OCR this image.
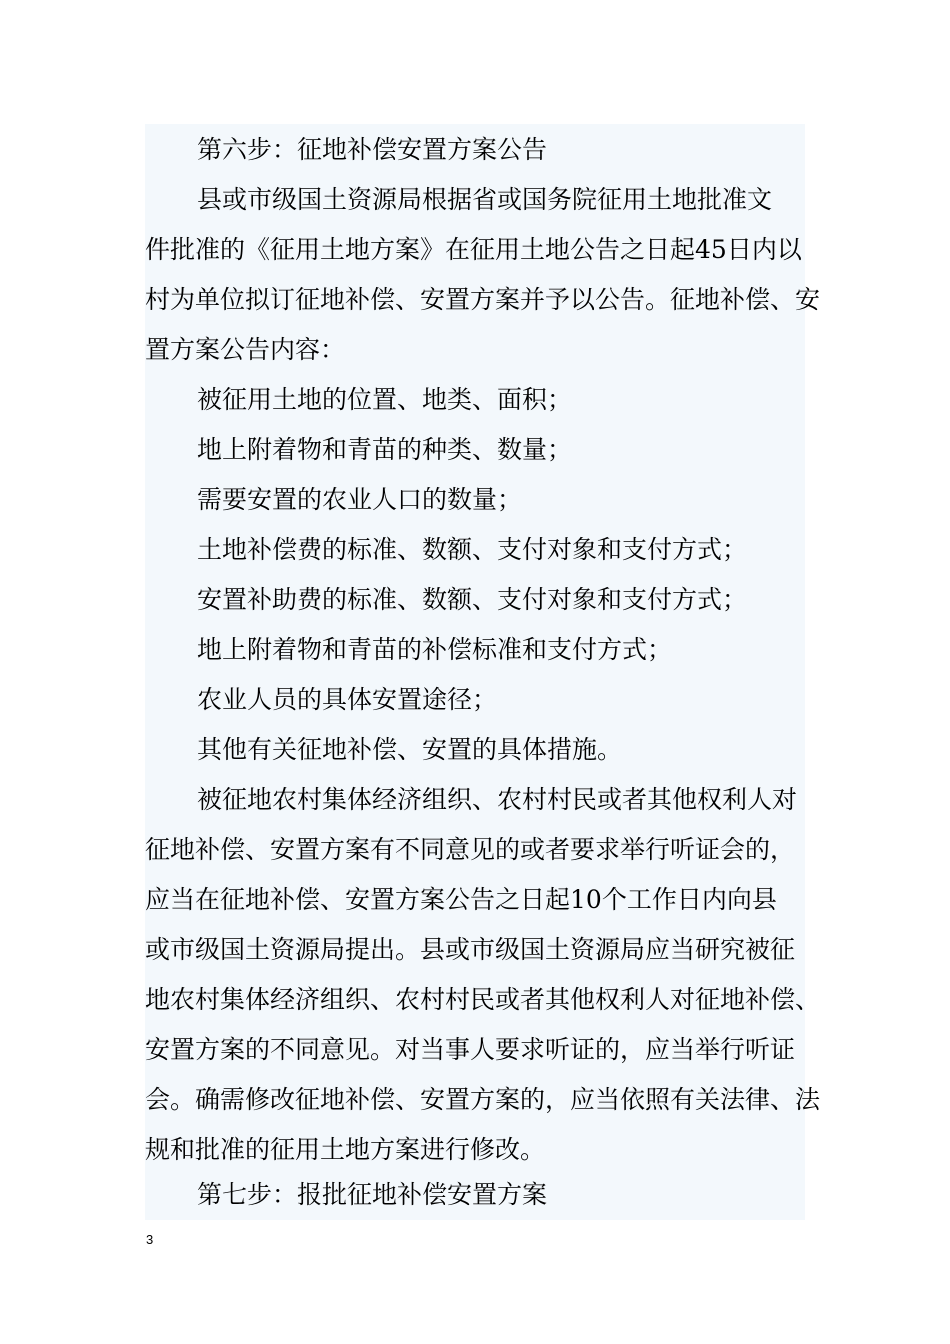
第六步：征地补偿安置方案公告
县或市级国土资源局根据省或国务院征用土地批准文
件批准的《征用土地方案》在征用土地公告之日起45日内以
村为单位拟订征地补偿、安置方案并予以公告。征地补偿、安
置方案公告内容：
被征用土地的位置、地类、面积；
地上附着物和青苗的种类、数量；
需要安置的农业人口的数量；
土地补偿费的标准、数额、支付对象和支付方式；
安置补助费的标准、数额、支付对象和支付方式；
地上附着物和青苗的补偿标准和支付方式；
农业人员的具体安置途径；
其他有关征地补偿、安置的具体措施。
被征地农村集体经济组织、农村村民或者其他权利人对
征地补偿、安置方案有不同意见的或者要求举行听证会的，
应当在征地补偿、安置方案公告之日起10个工作日内向县
或市级国土资源局提出。县或市级国土资源局应当研究被征
地农村集体经济组织、农村村民或者其他权利人对征地补偿、
安置方案的不同意见。对当事人要求听证的，应当举行听证
会。确需修改征地补偿、安置方案的，应当依照有关法律、法
规和批准的征用土地方案进行修改。
第七步：报批征地补偿安置方案
3
